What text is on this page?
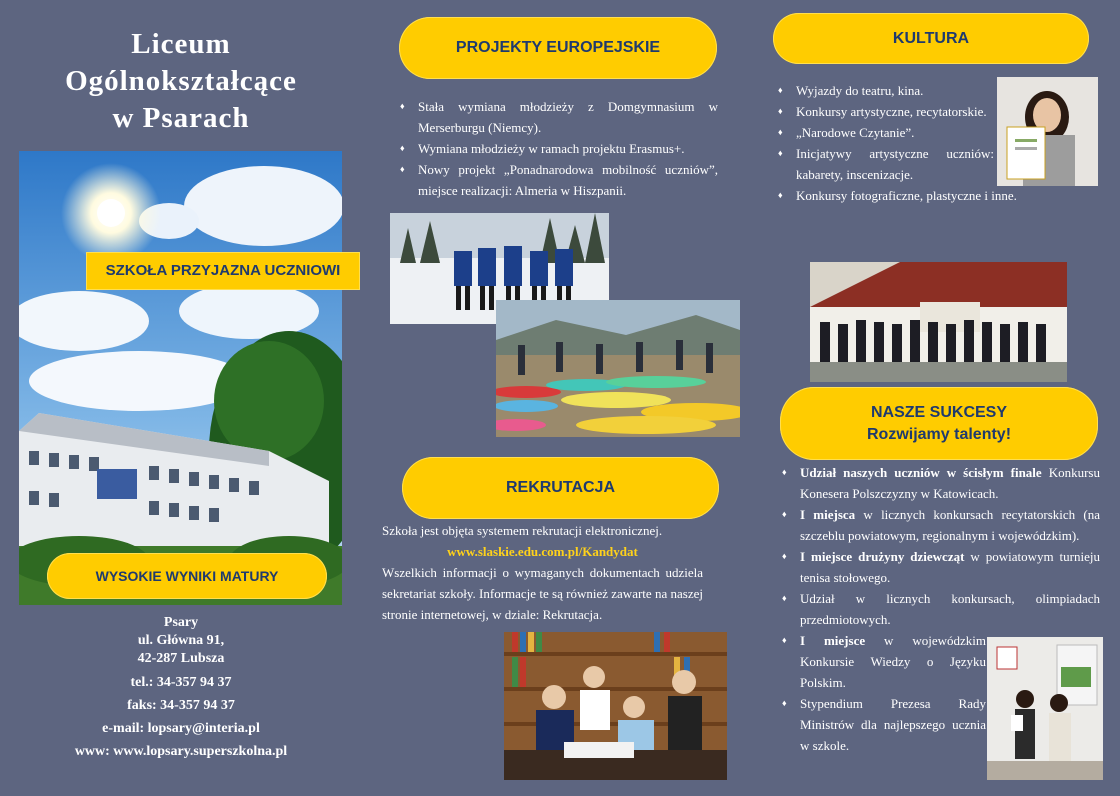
Liceum
Ogólnokształcące
w Psarach
SZKOŁA PRZYJAZNA UCZNIOWI
WYSOKIE WYNIKI MATURY
Psary
ul. Główna 91,
42-287 Lubsza
tel.: 34-357 94 37
faks: 34-357 94 37
e-mail: lopsary@interia.pl
www: www.lopsary.superszkolna.pl
PROJEKTY EUROPEJSKIE
♦ Stała wymiana młodzieży z Domgymnasium w Merserburgu (Niemcy).
♦ Wymiana młodzieży w ramach projektu Erasmus+.
♦ Nowy projekt „Ponadnarodowa mobilność uczniów”, miejsce realizacji: Almeria w Hiszpanii.
REKRUTACJA
Szkoła jest objęta systemem rekrutacji elektronicznej.
www.slaskie.edu.com.pl/Kandydat
Wszelkich informacji o wymaganych dokumentach udziela sekretariat szkoły. Informacje te są również zawarte na naszej stronie internetowej, w dziale: Rekrutacja.
KULTURA
♦ Wyjazdy do teatru, kina.
♦ Konkursy artystyczne, recytatorskie.
♦ „Narodowe Czytanie”.
♦ Inicjatywy artystyczne uczniów: kabarety, inscenizacje.
♦ Konkursy fotograficzne, plastyczne i inne.
NASZE SUKCESY
Rozwijamy talenty!
♦ Udział naszych uczniów w ścisłym finale Konkursu Konesera Polszczyzny w Katowicach.
♦ I miejsca w licznych konkursach recytatorskich (na szczeblu powiatowym, regionalnym i wojewódzkim).
♦ I miejsce drużyny dziewcząt w powiatowym turnieju tenisa stołowego.
♦ Udział w licznych konkursach, olimpiadach przedmiotowych.
♦ I miejsce w wojewódzkim Konkursie Wiedzy o Języku Polskim.
♦ Stypendium Prezesa Rady Ministrów dla najlepszego ucznia w szkole.
